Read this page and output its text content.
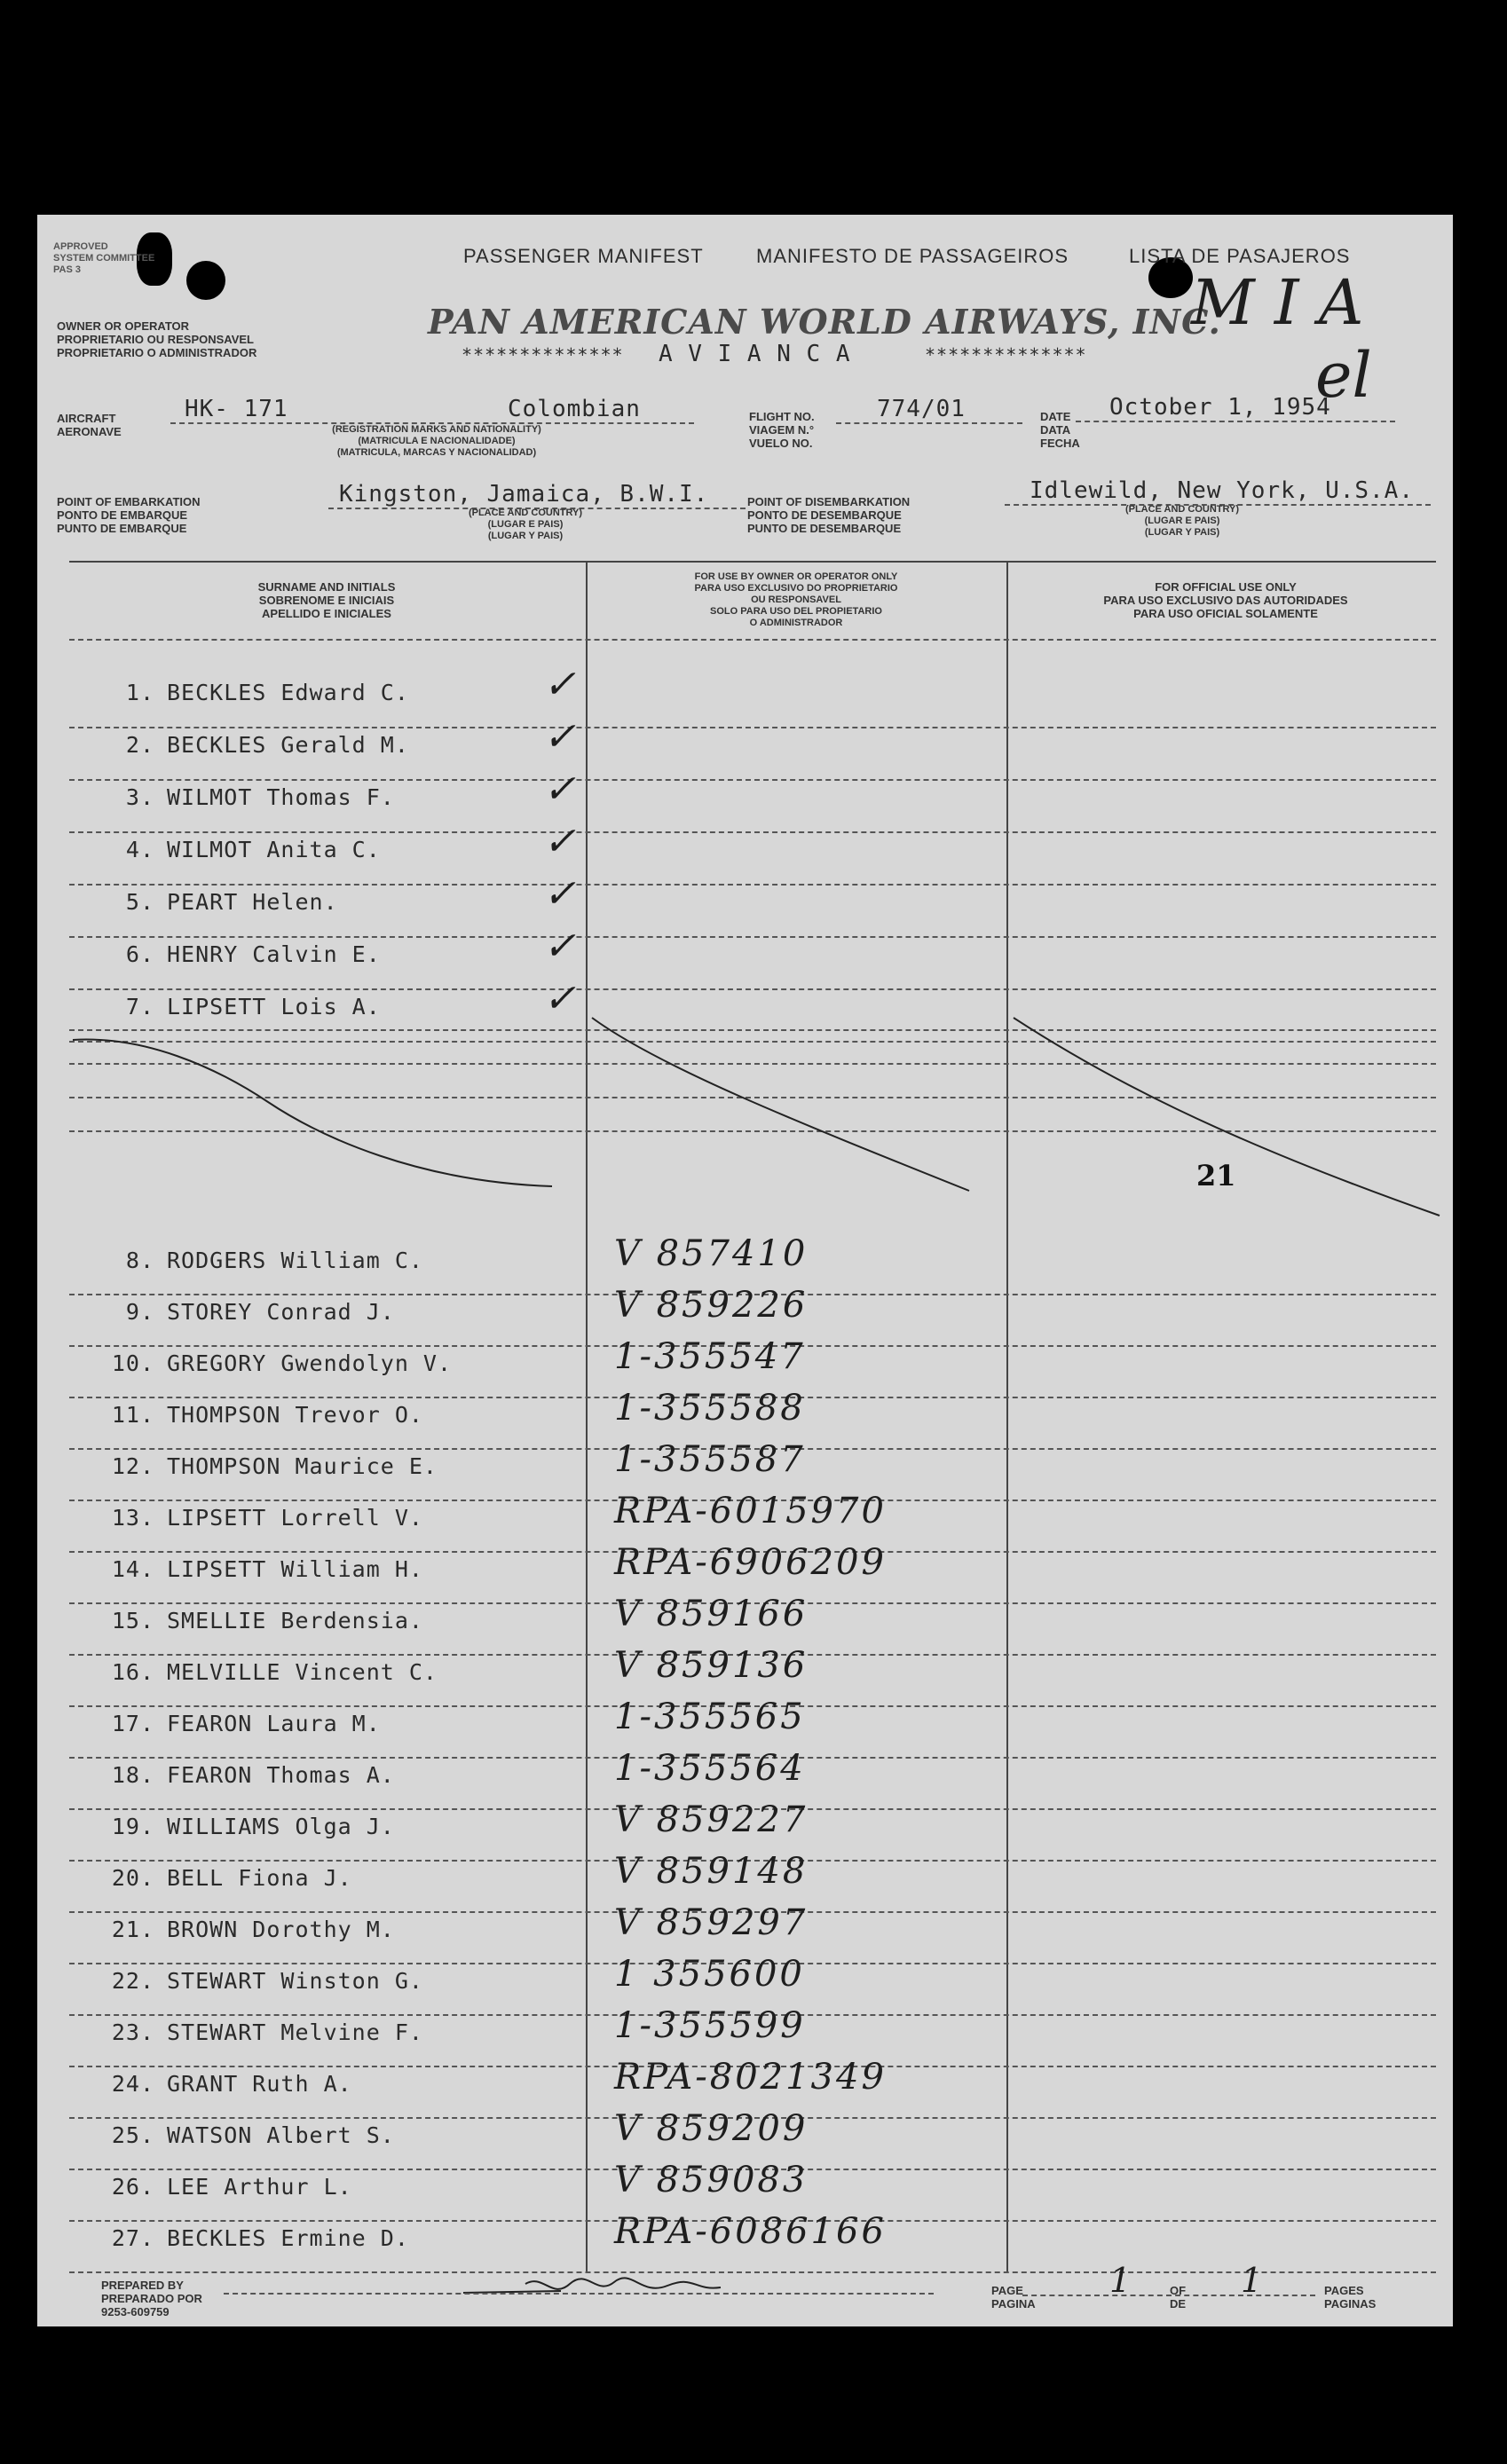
APPROVED
SYSTEM COMMITTEE
PAS 3
PASSENGER MANIFEST	MANIFESTO DE PASSAGEIROS	LISTA DE PASAJEROS
OWNER OR OPERATOR
PROPRIETARIO OU RESPONSAVEL
PROPRIETARIO O ADMINISTRADOR
PAN AMERICAN WORLD AIRWAYS, INC.
************** A V I A N C A	**************
M I A
el
AIRCRAFT
AERONAVE
HK- 171	Colombian
(REGISTRATION MARKS AND NATIONALITY)
(MATRICULA E NACIONALIDADE)
(MATRICULA, MARCAS Y NACIONALIDAD)
FLIGHT NO.
VIAGEM N.°
VUELO NO.
774/01	DATE
DATA
FECHA
October 1, 1954
POINT OF EMBARKATION
PONTO DE EMBARQUE
PUNTO DE EMBARQUE
Kingston, Jamaica, B.W.I.
(PLACE AND COUNTRY)
(LUGAR E PAIS)
(LUGAR Y PAIS)
POINT OF DISEMBARKATION
PONTO DE DESEMBARQUE
PUNTO DE DESEMBARQUE
Idlewild, New York, U.S.A.
(PLACE AND COUNTRY)
(LUGAR E PAIS)
(LUGAR Y PAIS)
SURNAME AND INITIALS
SOBRENOME E INICIAIS
APELLIDO E INICIALES
FOR USE BY OWNER OR OPERATOR ONLY
PARA USO EXCLUSIVO DO PROPRIETARIO
OU RESPONSAVEL
SOLO PARA USO DEL PROPIETARIO
O ADMINISTRADOR
FOR OFFICIAL USE ONLY
PARA USO EXCLUSIVO DAS AUTORIDADES
PARA USO OFICIAL SOLAMENTE
1. BECKLES Edward C.	✓
2. BECKLES Gerald M.	✓
3. WILMOT Thomas F.	✓
4. WILMOT Anita C.	✓
5. PEART Helen.	✓
6. HENRY Calvin E.	✓
7. LIPSETT Lois A.	✓
21
8. RODGERS William C.	V 857410
9. STOREY Conrad J.	V 859226
10. GREGORY Gwendolyn V.	1-355547
11. THOMPSON Trevor O.	1-355588
12. THOMPSON Maurice E.	1-355587
13. LIPSETT Lorrell V.	RPA-6015970
14. LIPSETT William H.	RPA-6906209
15. SMELLIE Berdensia.	V 859166
16. MELVILLE Vincent C.	V 859136
17. FEARON Laura M.	1-355565
18. FEARON Thomas A.	1-355564
19. WILLIAMS Olga J.	V 859227
20. BELL Fiona J.	V 859148
21. BROWN Dorothy M.	V 859297
22. STEWART Winston G.	1 355600
23. STEWART Melvine F.	1-355599
24. GRANT Ruth A.	RPA-8021349
25. WATSON Albert S.	V 859209
26. LEE Arthur L.	V 859083
27. BECKLES Ermine D.	RPA-6086166
PREPARED BY
PREPARADO POR
9253-609759
PAGE
PAGINA
1	OF
DE
1	PAGES
PAGINAS
